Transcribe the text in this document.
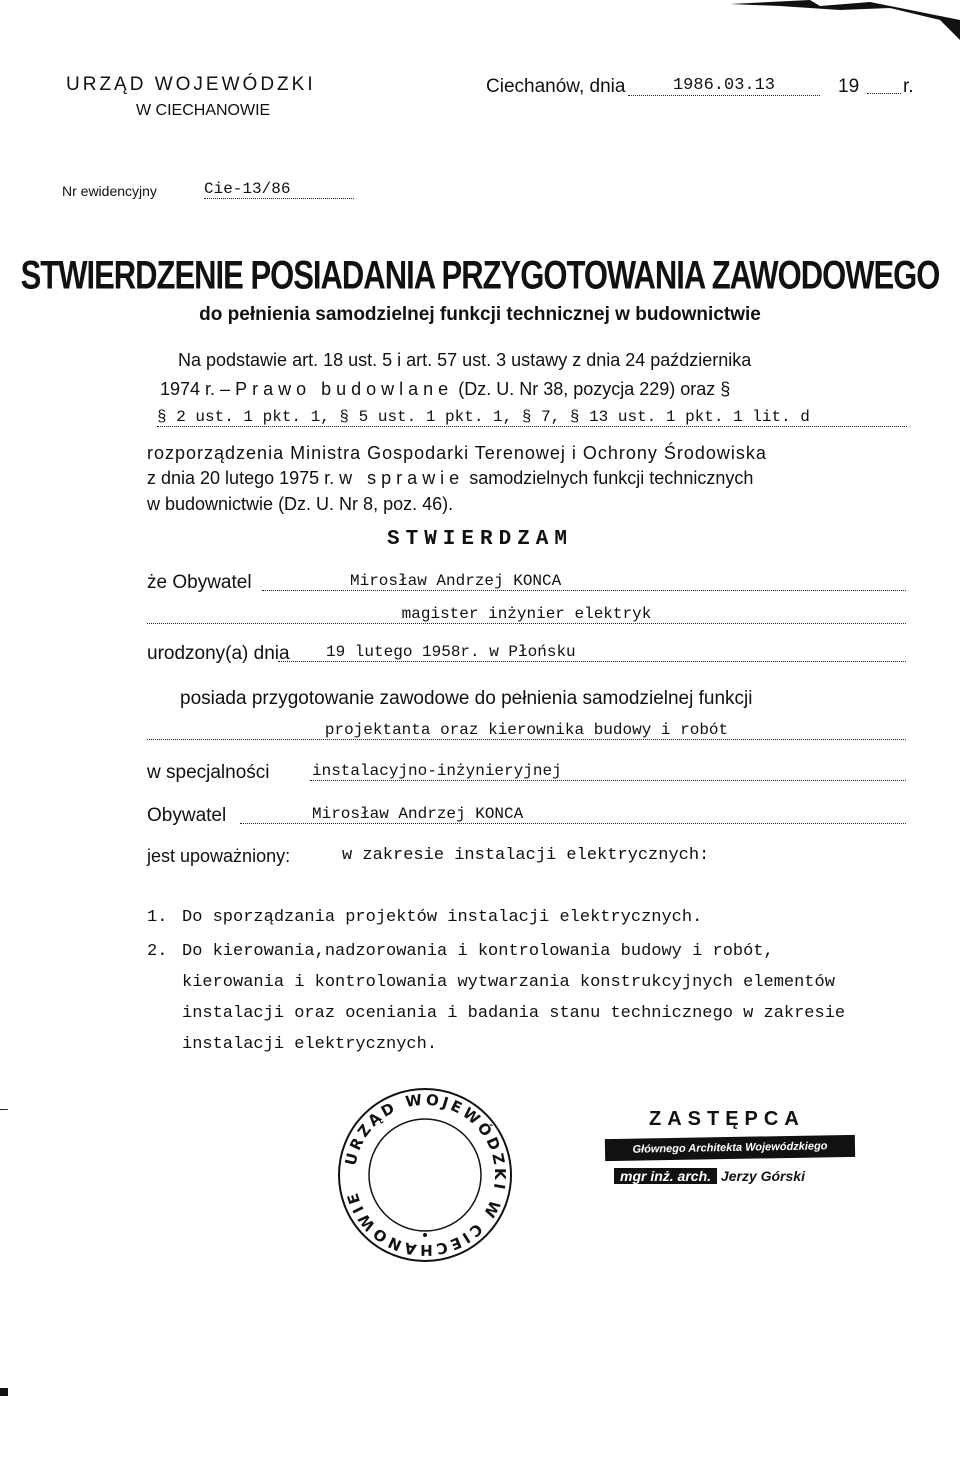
URZĄD WOJEWÓDZKI
W CIECHANOWIE
Ciechanów, dnia	1986.03.13	19 r.
Nr ewidencyjny	Cie-13/86
STWIERDZENIE POSIADANIA PRZYGOTOWANIA ZAWODOWEGO
do pełnienia samodzielnej funkcji technicznej w budownictwie
Na podstawie art. 18 ust. 5 i art. 57 ust. 3 ustawy z dnia 24 października
1974 r. – Prawo budowlane (Dz. U. Nr 38, pozycja 229) oraz §
§ 2 ust. 1 pkt. 1, § 5 ust. 1 pkt. 1, § 7, § 13 ust. 1 pkt. 1 lit. d
rozporządzenia Ministra Gospodarki Terenowej i Ochrony Środowiska
z dnia 20 lutego 1975 r. w sprawie samodzielnych funkcji technicznych
w budownictwie (Dz. U. Nr 8, poz. 46).
STWIERDZAM
że Obywatel	Mirosław Andrzej KONCA
magister inżynier elektryk
urodzony(a) dnia	19 lutego 1958r. w Płońsku
posiada przygotowanie zawodowe do pełnienia samodzielnej funkcji
projektanta oraz kierownika budowy i robót
w specjalności	instalacyjno-inżynieryjnej
Obywatel	Mirosław Andrzej KONCA
jest upoważniony:	w zakresie instalacji elektrycznych:
1. Do sporządzania projektów instalacji elektrycznych.
2. Do kierowania,nadzorowania i kontrolowania budowy i robót, kierowania i kontrolowania wytwarzania konstrukcyjnych elementów instalacji oraz oceniania i badania stanu technicznego w zakresie instalacji elektrycznych.
URZĄD WOJEWÓDZKI W CIECHANOWIE
ZASTĘPCA
Głównego Architekta Wojewódzkiego
mgr inż. arch. Jerzy Górski
–
